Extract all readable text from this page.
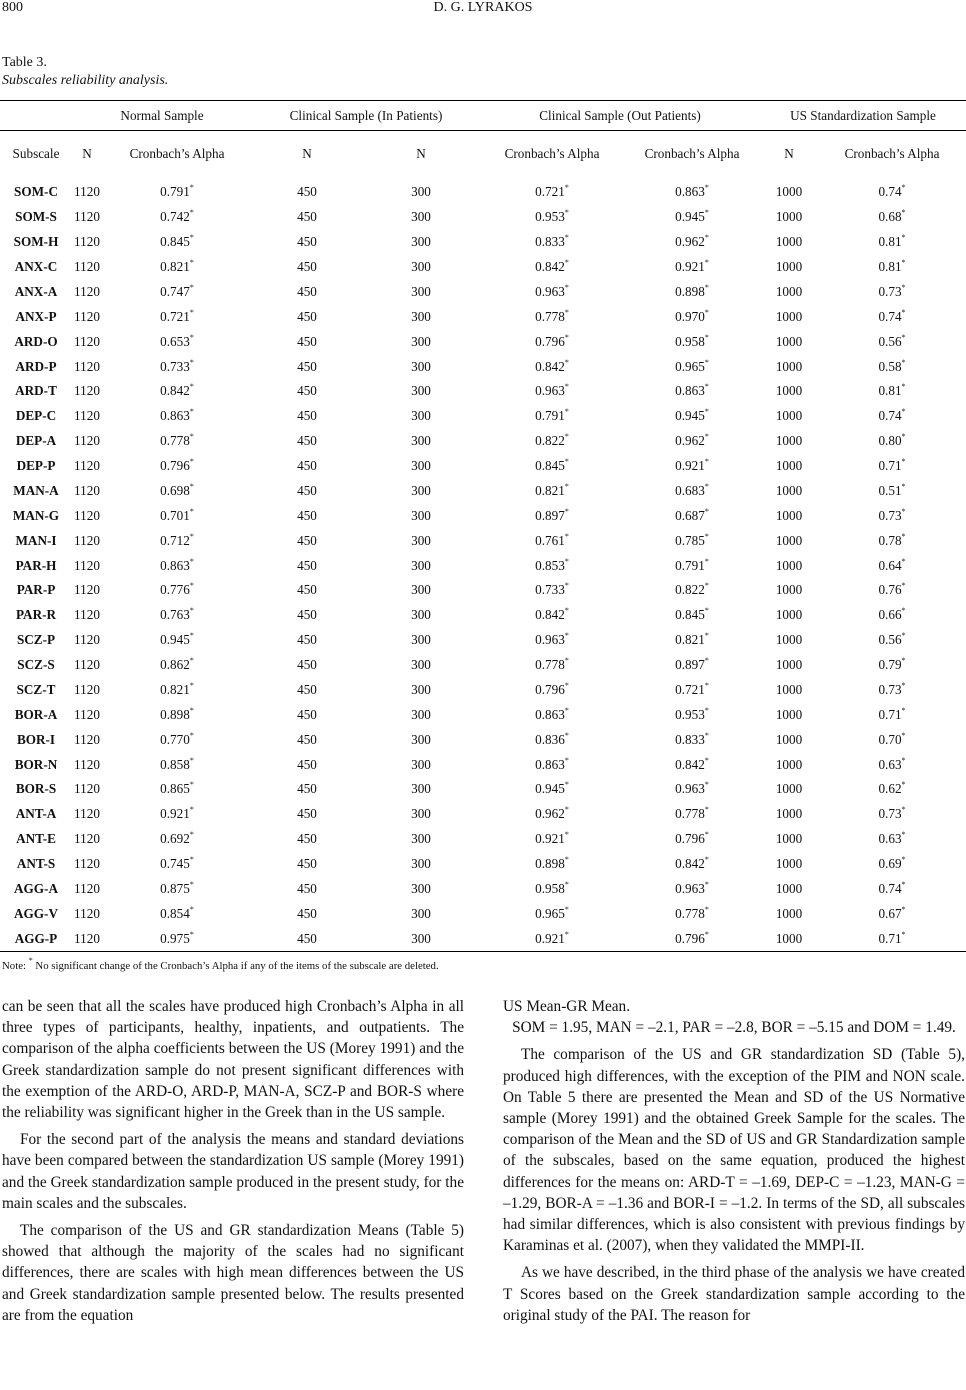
800	D. G. LYRAKOS
Table 3.
Subscales reliability analysis.
	Normal Sample		Clinical Sample (In Patients)		Clinical Sample (Out Patients)		US Standardization Sample	
Subscale	N	Cronbach’s Alpha	N	N	Cronbach’s Alpha	Cronbach’s Alpha	N	Cronbach’s Alpha
SOM-C	1120	0.791*	450	300	0.721*	0.863*	1000	0.74*
SOM-S	1120	0.742*	450	300	0.953*	0.945*	1000	0.68*
SOM-H	1120	0.845*	450	300	0.833*	0.962*	1000	0.81*
ANX-C	1120	0.821*	450	300	0.842*	0.921*	1000	0.81*
ANX-A	1120	0.747*	450	300	0.963*	0.898*	1000	0.73*
ANX-P	1120	0.721*	450	300	0.778*	0.970*	1000	0.74*
ARD-O	1120	0.653*	450	300	0.796*	0.958*	1000	0.56*
ARD-P	1120	0.733*	450	300	0.842*	0.965*	1000	0.58*
ARD-T	1120	0.842*	450	300	0.963*	0.863*	1000	0.81*
DEP-C	1120	0.863*	450	300	0.791*	0.945*	1000	0.74*
DEP-A	1120	0.778*	450	300	0.822*	0.962*	1000	0.80*
DEP-P	1120	0.796*	450	300	0.845*	0.921*	1000	0.71*
MAN-A	1120	0.698*	450	300	0.821*	0.683*	1000	0.51*
MAN-G	1120	0.701*	450	300	0.897*	0.687*	1000	0.73*
MAN-I	1120	0.712*	450	300	0.761*	0.785*	1000	0.78*
PAR-H	1120	0.863*	450	300	0.853*	0.791*	1000	0.64*
PAR-P	1120	0.776*	450	300	0.733*	0.822*	1000	0.76*
PAR-R	1120	0.763*	450	300	0.842*	0.845*	1000	0.66*
SCZ-P	1120	0.945*	450	300	0.963*	0.821*	1000	0.56*
SCZ-S	1120	0.862*	450	300	0.778*	0.897*	1000	0.79*
SCZ-T	1120	0.821*	450	300	0.796*	0.721*	1000	0.73*
BOR-A	1120	0.898*	450	300	0.863*	0.953*	1000	0.71*
BOR-I	1120	0.770*	450	300	0.836*	0.833*	1000	0.70*
BOR-N	1120	0.858*	450	300	0.863*	0.842*	1000	0.63*
BOR-S	1120	0.865*	450	300	0.945*	0.963*	1000	0.62*
ANT-A	1120	0.921*	450	300	0.962*	0.778*	1000	0.73*
ANT-E	1120	0.692*	450	300	0.921*	0.796*	1000	0.63*
ANT-S	1120	0.745*	450	300	0.898*	0.842*	1000	0.69*
AGG-A	1120	0.875*	450	300	0.958*	0.963*	1000	0.74*
AGG-V	1120	0.854*	450	300	0.965*	0.778*	1000	0.67*
AGG-P	1120	0.975*	450	300	0.921*	0.796*	1000	0.71*
Note: * No significant change of the Cronbach’s Alpha if any of the items of the subscale are deleted.

can be seen that all the scales have produced high Cronbach’s Alpha in all three types of participants, healthy, inpatients, and outpatients. The comparison of the alpha coefficients between the US (Morey 1991) and the Greek standardization sample do not present significant differences with the exemption of the ARD-O, ARD-P, MAN-A, SCZ-P and BOR-S where the reliability was significant higher in the Greek than in the US sample.

For the second part of the analysis the means and standard deviations have been compared between the standardization US sample (Morey 1991) and the Greek standardization sample produced in the present study, for the main scales and the subscales.

The comparison of the US and GR standardization Means (Table 5) showed that although the majority of the scales had no significant differences, there are scales with high mean differences between the US and Greek standardization sample presented below. The results presented are from the equation

US Mean-GR Mean.

SOM = 1.95, MAN = –2.1, PAR = –2.8, BOR = –5.15 and DOM = 1.49.

The comparison of the US and GR standardization SD (Table 5), produced high differences, with the exception of the PIM and NON scale. On Table 5 there are presented the Mean and SD of the US Normative sample (Morey 1991) and the obtained Greek Sample for the scales. The comparison of the Mean and the SD of US and GR Standardization sample of the subscales, based on the same equation, produced the highest differences for the means on: ARD-T = –1.69, DEP-C = –1.23, MAN-G = –1.29, BOR-A = –1.36 and BOR-I = –1.2. In terms of the SD, all subscales had similar differences, which is also consistent with previous findings by Karaminas et al. (2007), when they validated the MMPI-II.

As we have described, in the third phase of the analysis we have created T Scores based on the Greek standardization sample according to the original study of the PAI. The reason for
